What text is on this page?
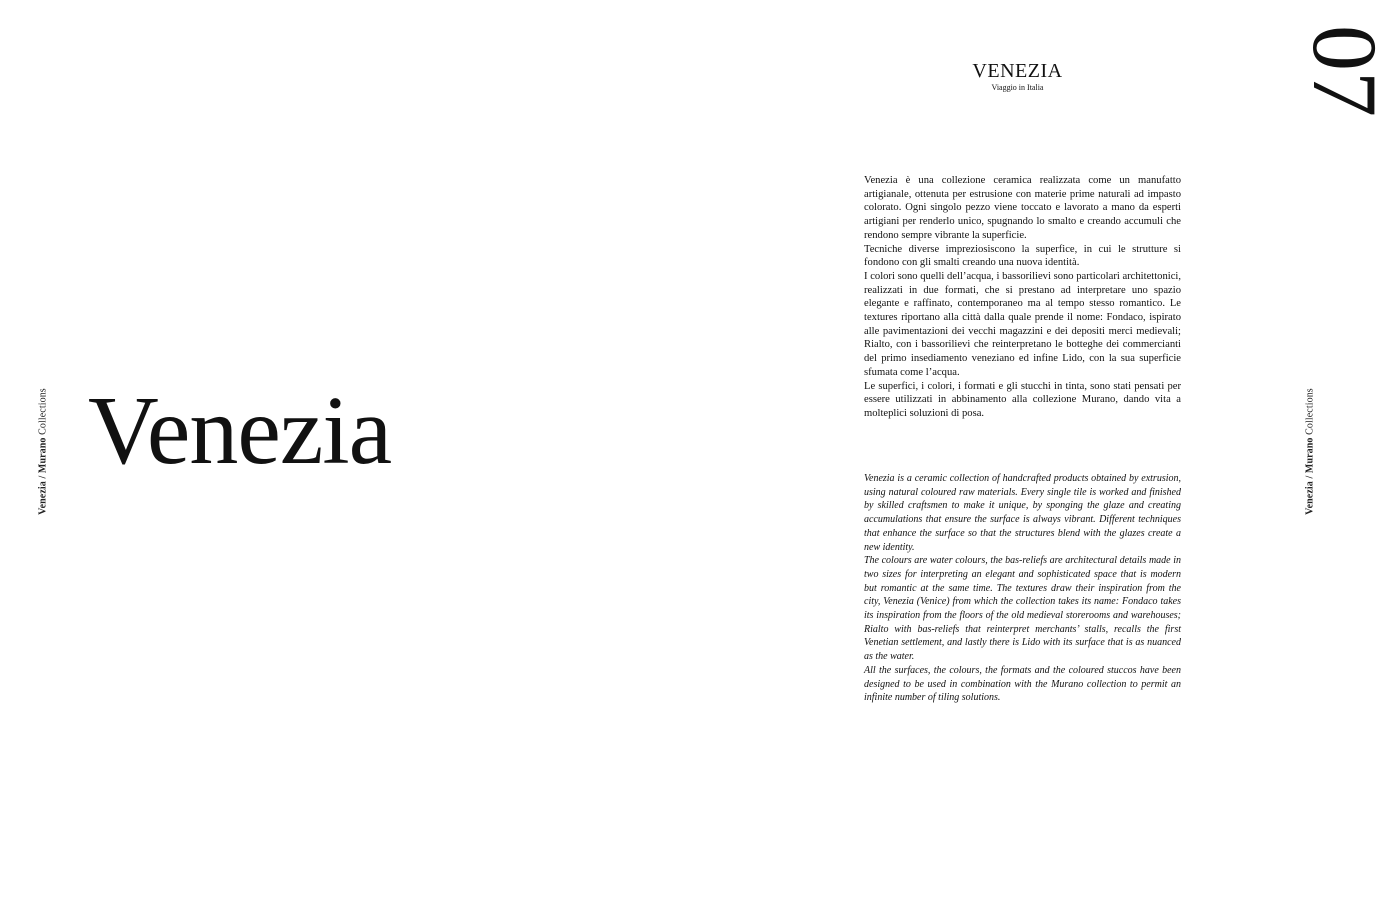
Venezia / Murano Collections Venezia
VENEZIA
Viaggio in Italia	07

Venezia è una collezione ceramica realizzata come un manufatto artigianale, ottenuta per estrusione con materie prime naturali ad impasto colorato. Ogni singolo pezzo viene toccato e lavorato a mano da esperti artigiani per renderlo unico, spugnando lo smalto e creando accumuli che rendono sempre vibrante la superficie.

Tecniche diverse impreziosiscono la superfice, in cui le strutture si fondono con gli smalti creando una nuova identità.

I colori sono quelli dell’acqua, i bassorilievi sono particolari architettonici, realizzati in due formati, che si prestano ad interpretare uno spazio elegante e raffinato, contemporaneo ma al tempo stesso romantico. Le textures riportano alla città dalla quale prende il nome: Fondaco, ispirato alle pavimentazioni dei vecchi magazzini e dei depositi merci medievali; Rialto, con i bassorilievi che reinterpretano le botteghe dei commercianti del primo insediamento veneziano ed infine Lido, con la sua superficie sfumata come l’acqua.

Le superfici, i colori, i formati e gli stucchi in tinta, sono stati pensati per essere utilizzati in abbinamento alla collezione Murano, dando vita a molteplici soluzioni di posa.

Venezia is a ceramic collection of handcrafted products obtained by extrusion, using natural coloured raw materials. Every single tile is worked and finished by skilled craftsmen to make it unique, by sponging the glaze and creating accumulations that ensure the surface is always vibrant. Different techniques that enhance the surface so that the structures blend with the glazes create a new identity.

The colours are water colours, the bas-reliefs are architectural details made in two sizes for interpreting an elegant and sophisticated space that is modern but romantic at the same time. The textures draw their inspiration from the city, Venezia (Venice) from which the collection takes its name: Fondaco takes its inspiration from the floors of the old medieval storerooms and warehouses; Rialto with bas-reliefs that reinterpret merchants’ stalls, recalls the first Venetian settlement, and lastly there is Lido with its surface that is as nuanced as the water.

All the surfaces, the colours, the formats and the coloured stuccos have been designed to be used in combination with the Murano collection to permit an infinite number of tiling solutions.

Venezia / Murano Collections
